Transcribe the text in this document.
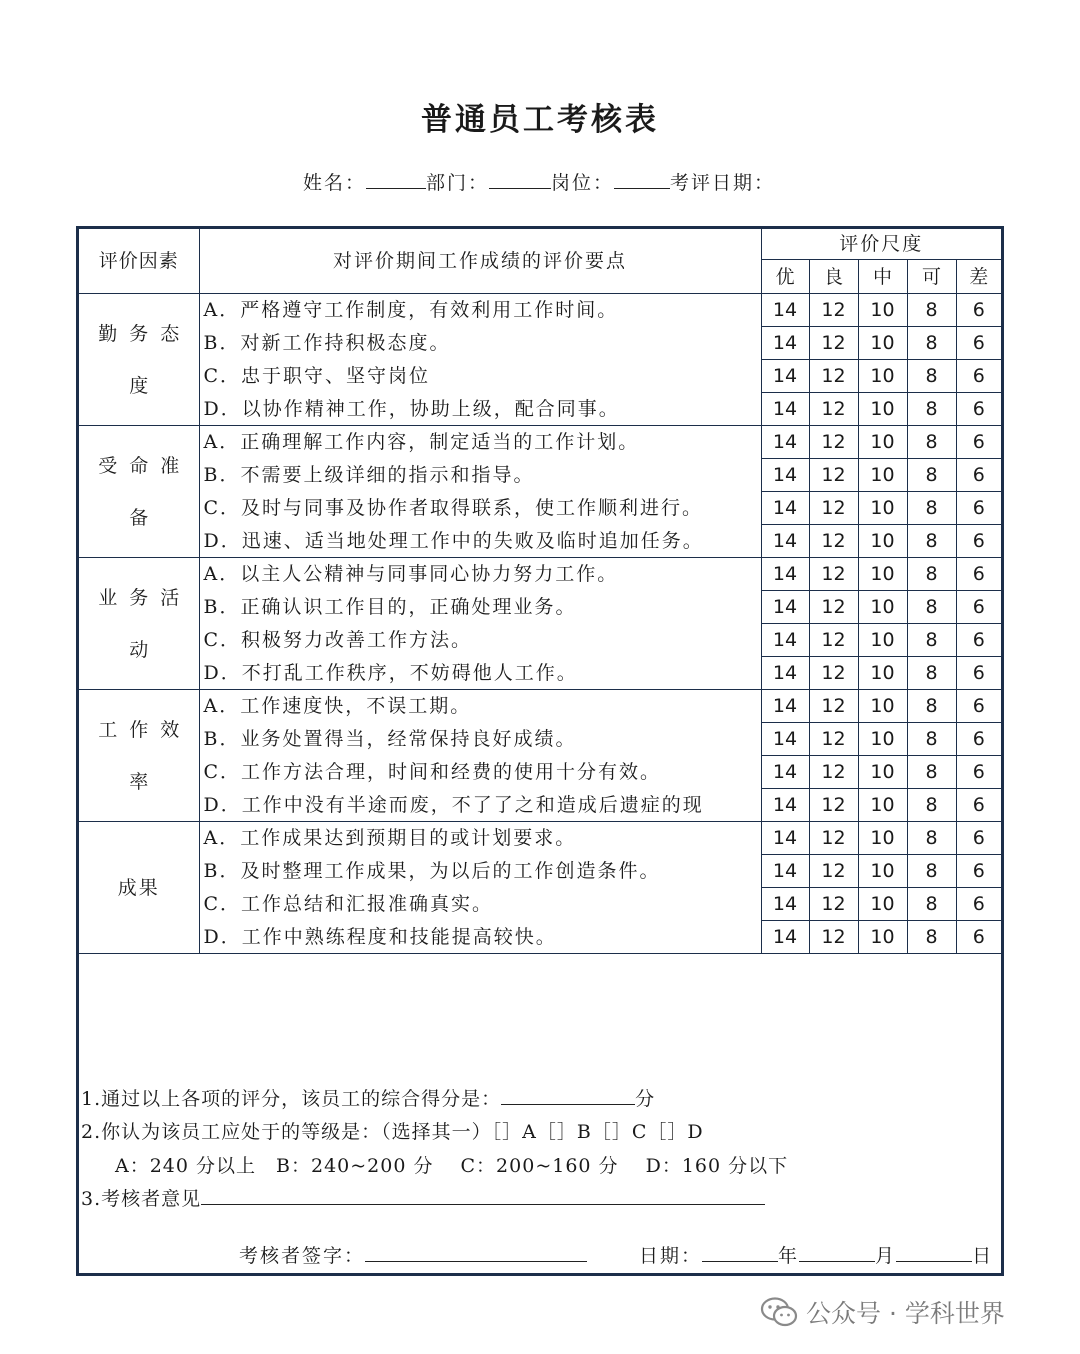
普通员工考核表
姓名：	部门：	岗位：	考评日期：
评价因素	对评价期间工作成绩的评价要点	评价尺度				
		优	良	中	可	差
勤务态度	A．严格遵守工作制度，有效利用工作时间。	14	12	10	8	6
	B．对新工作持积极态度。	14	12	10	8	6
	C．忠于职守、坚守岗位	14	12	10	8	6
	D．以协作精神工作，协助上级，配合同事。	14	12	10	8	6
受命准备	A．正确理解工作内容，制定适当的工作计划。	14	12	10	8	6
	B．不需要上级详细的指示和指导。	14	12	10	8	6
	C．及时与同事及协作者取得联系，使工作顺利进行。	14	12	10	8	6
	D．迅速、适当地处理工作中的失败及临时追加任务。	14	12	10	8	6
业务活动	A．以主人公精神与同事同心协力努力工作。	14	12	10	8	6
	B．正确认识工作目的，正确处理业务。	14	12	10	8	6
	C．积极努力改善工作方法。	14	12	10	8	6
	D．不打乱工作秩序，不妨碍他人工作。	14	12	10	8	6
工作效率	A．工作速度快，不误工期。	14	12	10	8	6
	B．业务处置得当，经常保持良好成绩。	14	12	10	8	6
	C．工作方法合理，时间和经费的使用十分有效。	14	12	10	8	6
	D．工作中没有半途而废，不了了之和造成后遗症的现	14	12	10	8	6
成果	A．工作成果达到预期目的或计划要求。	14	12	10	8	6
	B．及时整理工作成果，为以后的工作创造条件。	14	12	10	8	6
	C．工作总结和汇报准确真实。	14	12	10	8	6
	D．工作中熟练程度和技能提高较快。	14	12	10	8	6
1.通过以上各项的评分，该员工的综合得分是：	分
2.你认为该员工应处于的等级是：（选择其一）［］A［］B［］C［］D
A：240 分以上　B：240~200 分　 C：200~160 分　 D：160 分以下
3.考核者意见
考核者签字：	日期：	年	月	日
公众号 · 学科世界
